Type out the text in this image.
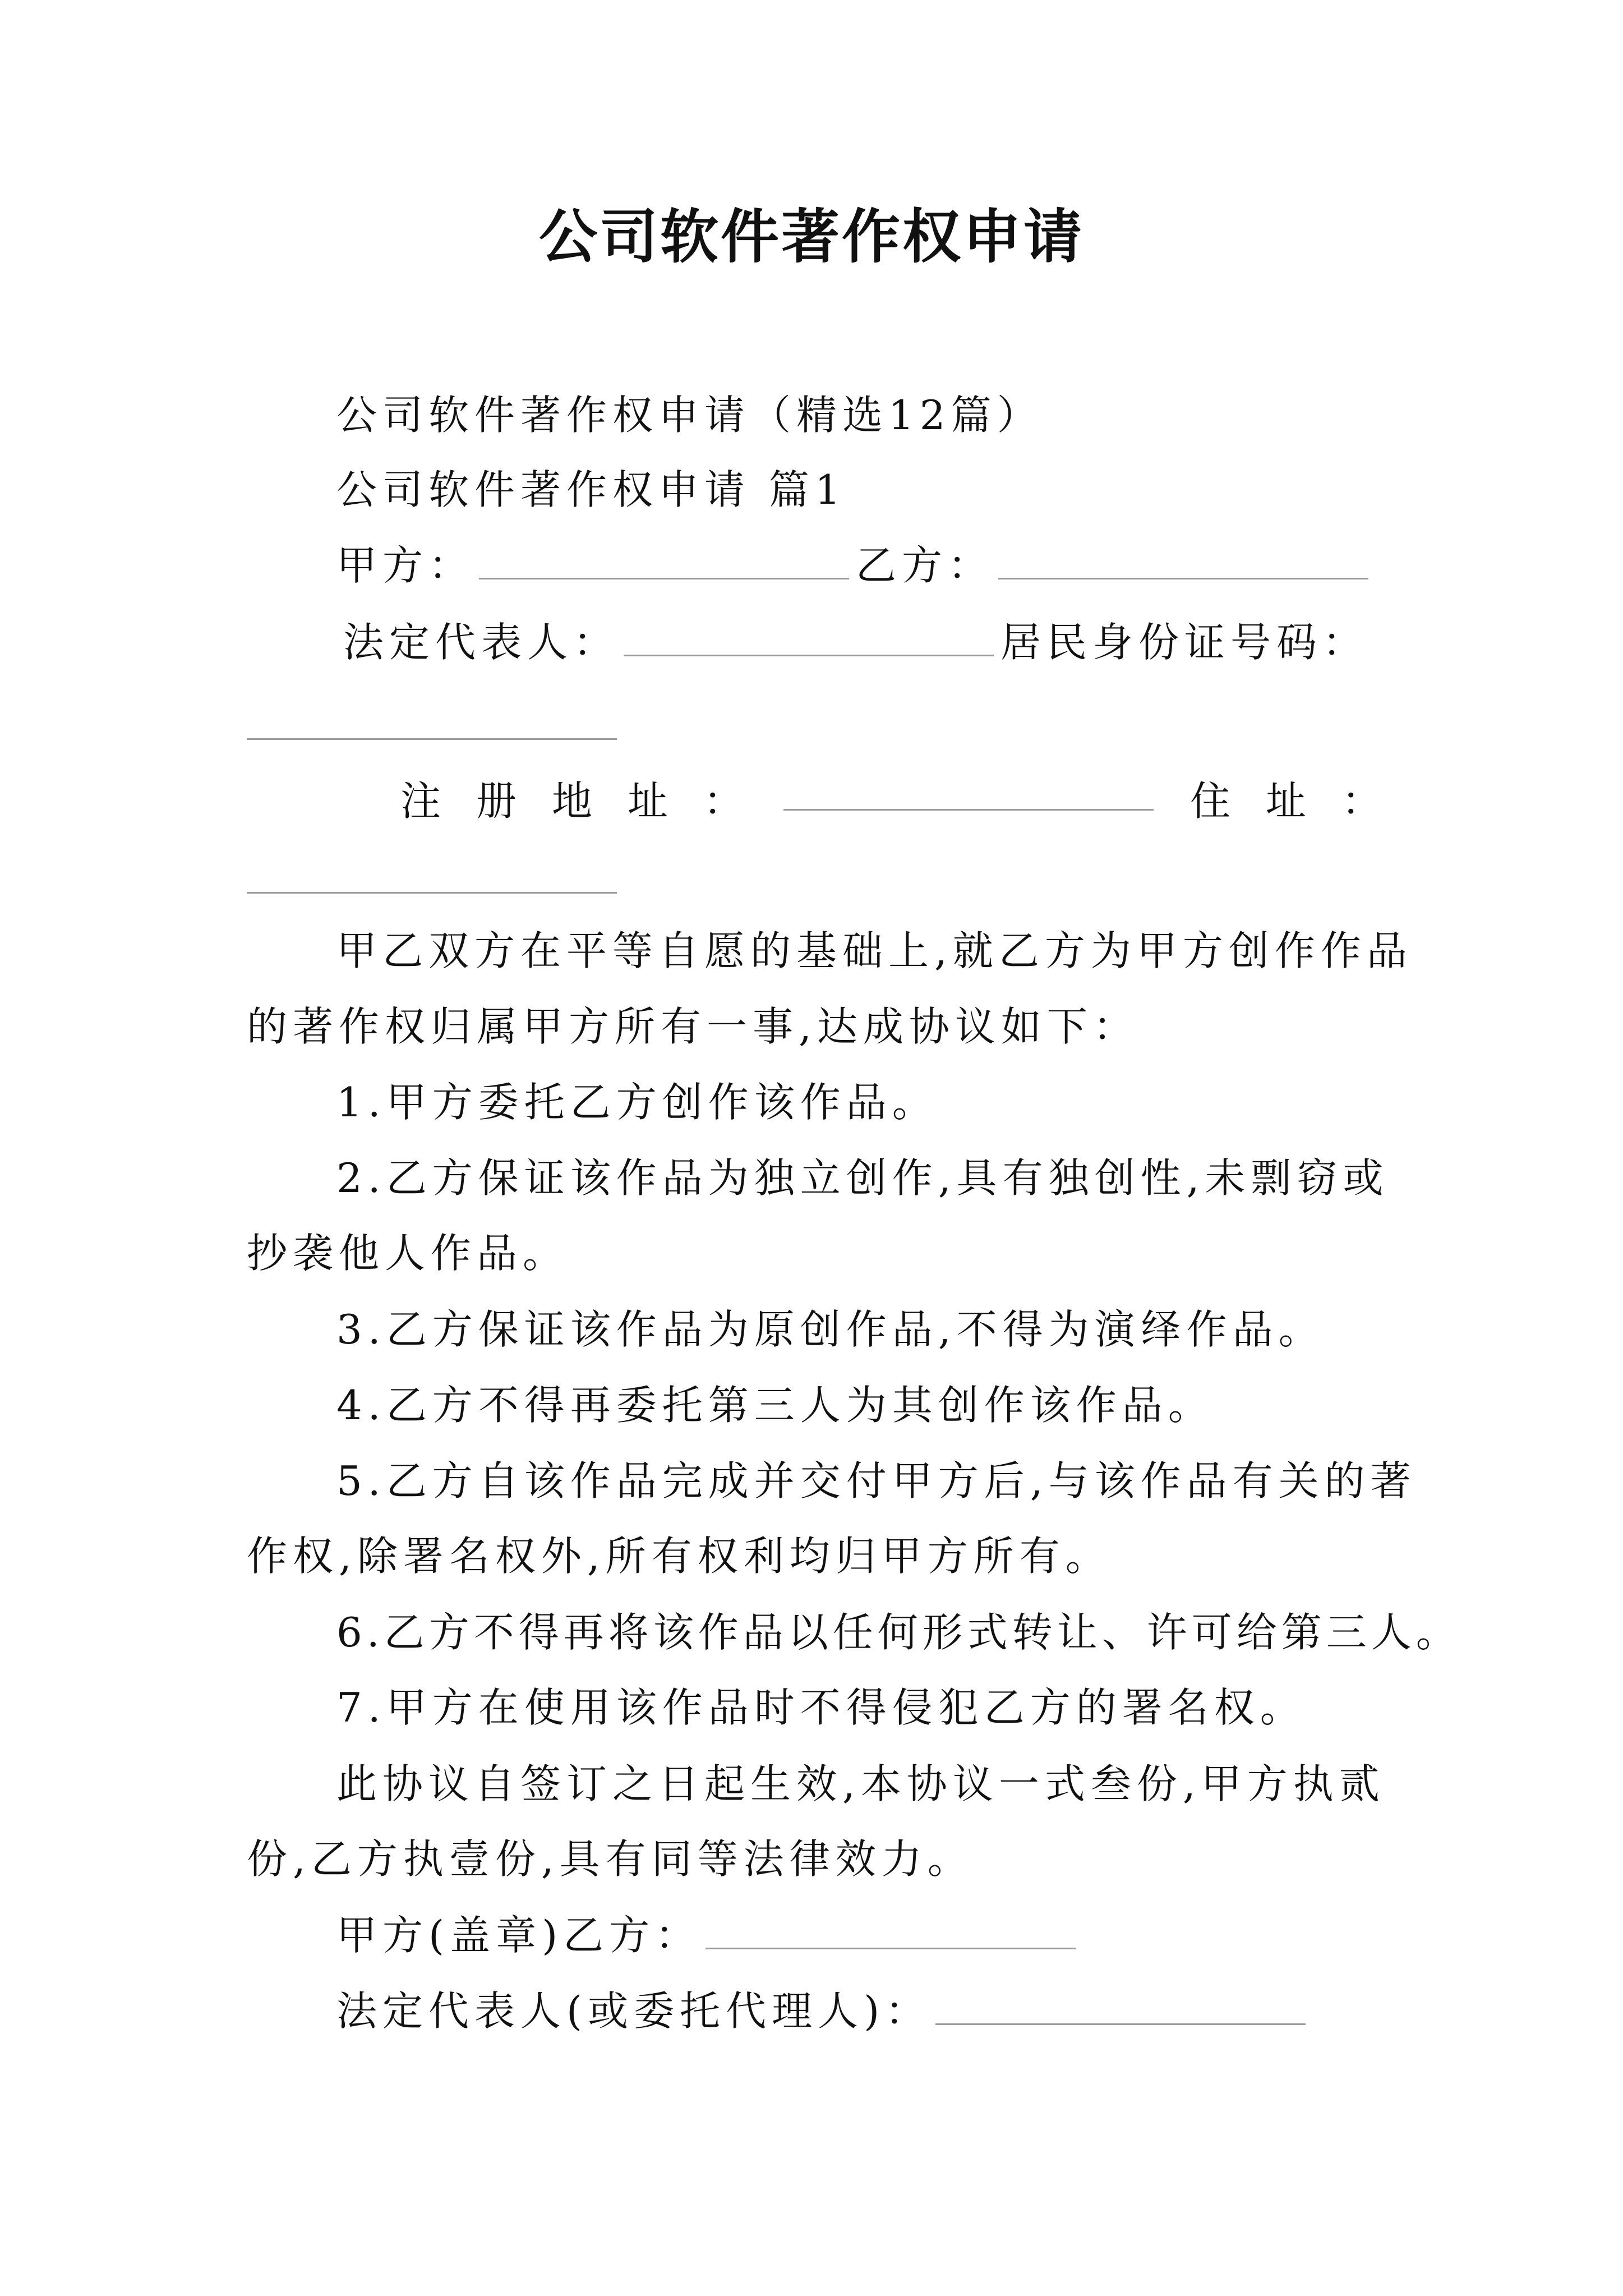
公司软件著作权申请
公司软件著作权申请（精选12篇）
公司软件著作权申请 篇1
甲方：	乙方：
法定代表人：	居民身份证号码：
注 册 地 址 ：	住 址 ：
甲乙双方在平等自愿的基础上,就乙方为甲方创作作品
的著作权归属甲方所有一事,达成协议如下：
1.甲方委托乙方创作该作品。
2.乙方保证该作品为独立创作,具有独创性,未剽窃或
抄袭他人作品。
3.乙方保证该作品为原创作品,不得为演绎作品。
4.乙方不得再委托第三人为其创作该作品。
5.乙方自该作品完成并交付甲方后,与该作品有关的著
作权,除署名权外,所有权利均归甲方所有。
6.乙方不得再将该作品以任何形式转让、许可给第三人。
7.甲方在使用该作品时不得侵犯乙方的署名权。
此协议自签订之日起生效,本协议一式叁份,甲方执贰
份,乙方执壹份,具有同等法律效力。
甲方(盖章)乙方：
法定代表人(或委托代理人)：
